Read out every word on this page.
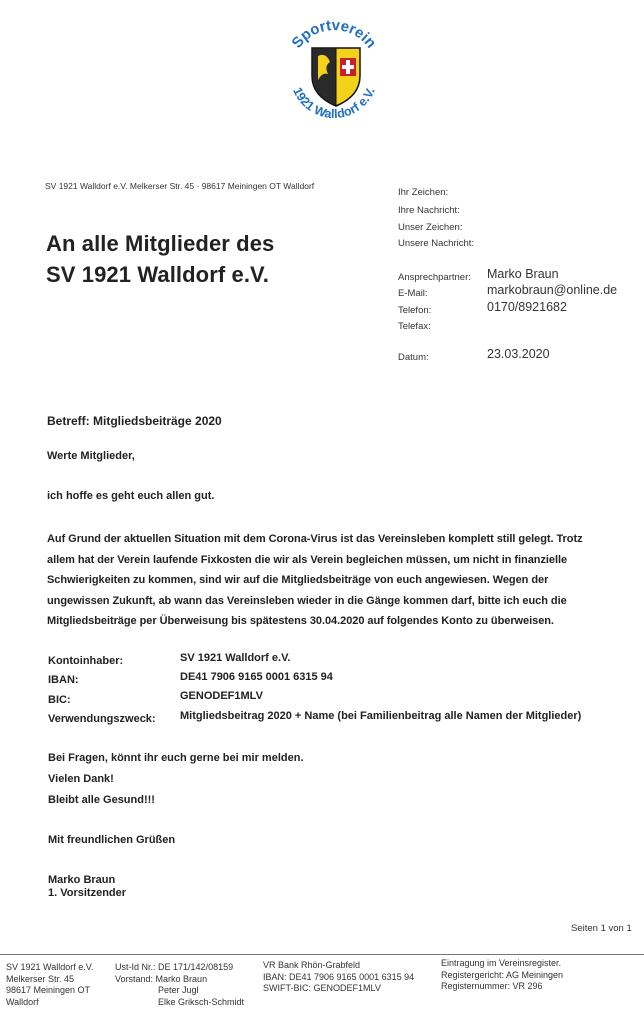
Sportverein
1921 Walldorf e.V.
SV 1921 Walldorf e.V. Melkerser Str. 45 · 98617 Meiningen OT Walldorf
An alle Mitglieder des
SV 1921 Walldorf e.V.
Ihr Zeichen:
Ihre Nachricht:
Unser Zeichen:
Unsere Nachricht:
Ansprechpartner: Marko Braun
E-Mail:	markobraun@online.de
Telefon:	0170/8921682
Telefax:
Datum:	23.03.2020
Betreff: Mitgliedsbeiträge 2020
Werte Mitglieder,
ich hoffe es geht euch allen gut.
Auf Grund der aktuellen Situation mit dem Corona-Virus ist das Vereinsleben komplett still gelegt. Trotz
allem hat der Verein laufende Fixkosten die wir als Verein begleichen müssen, um nicht in finanzielle
Schwierigkeiten zu kommen, sind wir auf die Mitgliedsbeiträge von euch angewiesen. Wegen der
ungewissen Zukunft, ab wann das Vereinsleben wieder in die Gänge kommen darf, bitte ich euch die
Mitgliedsbeiträge per Überweisung bis spätestens 30.04.2020 auf folgendes Konto zu überweisen.
Kontoinhaber:	SV 1921 Walldorf e.V.
IBAN:	DE41 7906 9165 0001 6315 94
BIC:	GENODEF1MLV
Verwendungszweck: Mitgliedsbeitrag 2020 + Name (bei Familienbeitrag alle Namen der Mitglieder)
Bei Fragen, könnt ihr euch gerne bei mir melden.
Vielen Dank!
Bleibt alle Gesund!!!
Mit freundlichen Grüßen
Marko Braun
1. Vorsitzender
Seiten 1 von 1
SV 1921 Walldorf e.V.
Melkerser Str. 45
98617 Meiningen OT
Walldorf
Ust-Id Nr.: DE 171/142/08159
Vorstand: Marko Braun
Peter Jugl
Elke Griksch-Schmidt
VR Bank Rhön-Grabfeld
IBAN: DE41 7906 9165 0001 6315 94
SWIFT-BIC: GENODEF1MLV
Eintragung im Vereinsregister.
Registergericht: AG Meiningen
Registernummer: VR 296
